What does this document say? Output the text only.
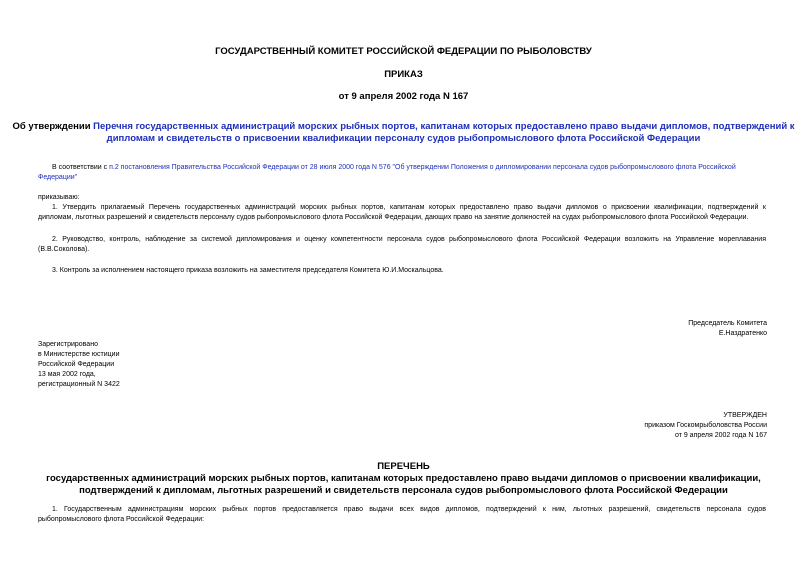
ГОСУДАРСТВЕННЫЙ КОМИТЕТ РОССИЙСКОЙ ФЕДЕРАЦИИ ПО РЫБОЛОВСТВУ
ПРИКАЗ
от 9 апреля 2002 года N 167
Об утверждении Перечня государственных администраций морских рыбных портов, капитанам которых предоставлено право выдачи дипломов, подтверждений к
дипломам и свидетельств о присвоении квалификации персоналу судов рыбопромыслового флота Российской Федерации
В соответствии с п.2 постановления Правительства Российской Федерации от 28 июля 2000 года N 576 "Об утверждении Положения о дипломировании персонала судов рыбопромыслового флота Российской
Федерации"
приказываю:
1. Утвердить прилагаемый Перечень государственных администраций морских рыбных портов, капитанам которых предоставлено право выдачи дипломов о присвоении квалификации, подтверждений к
дипломам, льготных разрешений и свидетельств персоналу судов рыбопромыслового флота Российской Федерации, дающих право на занятие должностей на судах рыбопромыслового флота Российской Федерации.
2. Руководство, контроль, наблюдение за системой дипломирования и оценку компетентности персонала судов рыбопромыслового флота Российской Федерации возложить на Управление мореплавания
(В.В.Соколова).
3. Контроль за исполнением настоящего приказа возложить на заместителя председателя Комитета Ю.И.Москальцова.
Председатель Комитета
Е.Наздратенко
Зарегистрировано
в Министерстве юстиции
Российской Федерации
13 мая 2002 года,
регистрационный N 3422
УТВЕРЖДЕН
приказом Госкомрыболовства России
от 9 апреля 2002 года N 167
ПЕРЕЧЕНЬ
государственных администраций морских рыбных портов, капитанам которых предоставлено право выдачи дипломов о присвоении квалификации,
подтверждений к дипломам, льготных разрешений и свидетельств персонала судов рыбопромыслового флота Российской Федерации
1. Государственным администрациям морских рыбных портов предоставляется право выдачи всех видов дипломов, подтверждений к ним, льготных разрешений, свидетельств персонала судов
рыбопромыслового флота Российской Федерации:
